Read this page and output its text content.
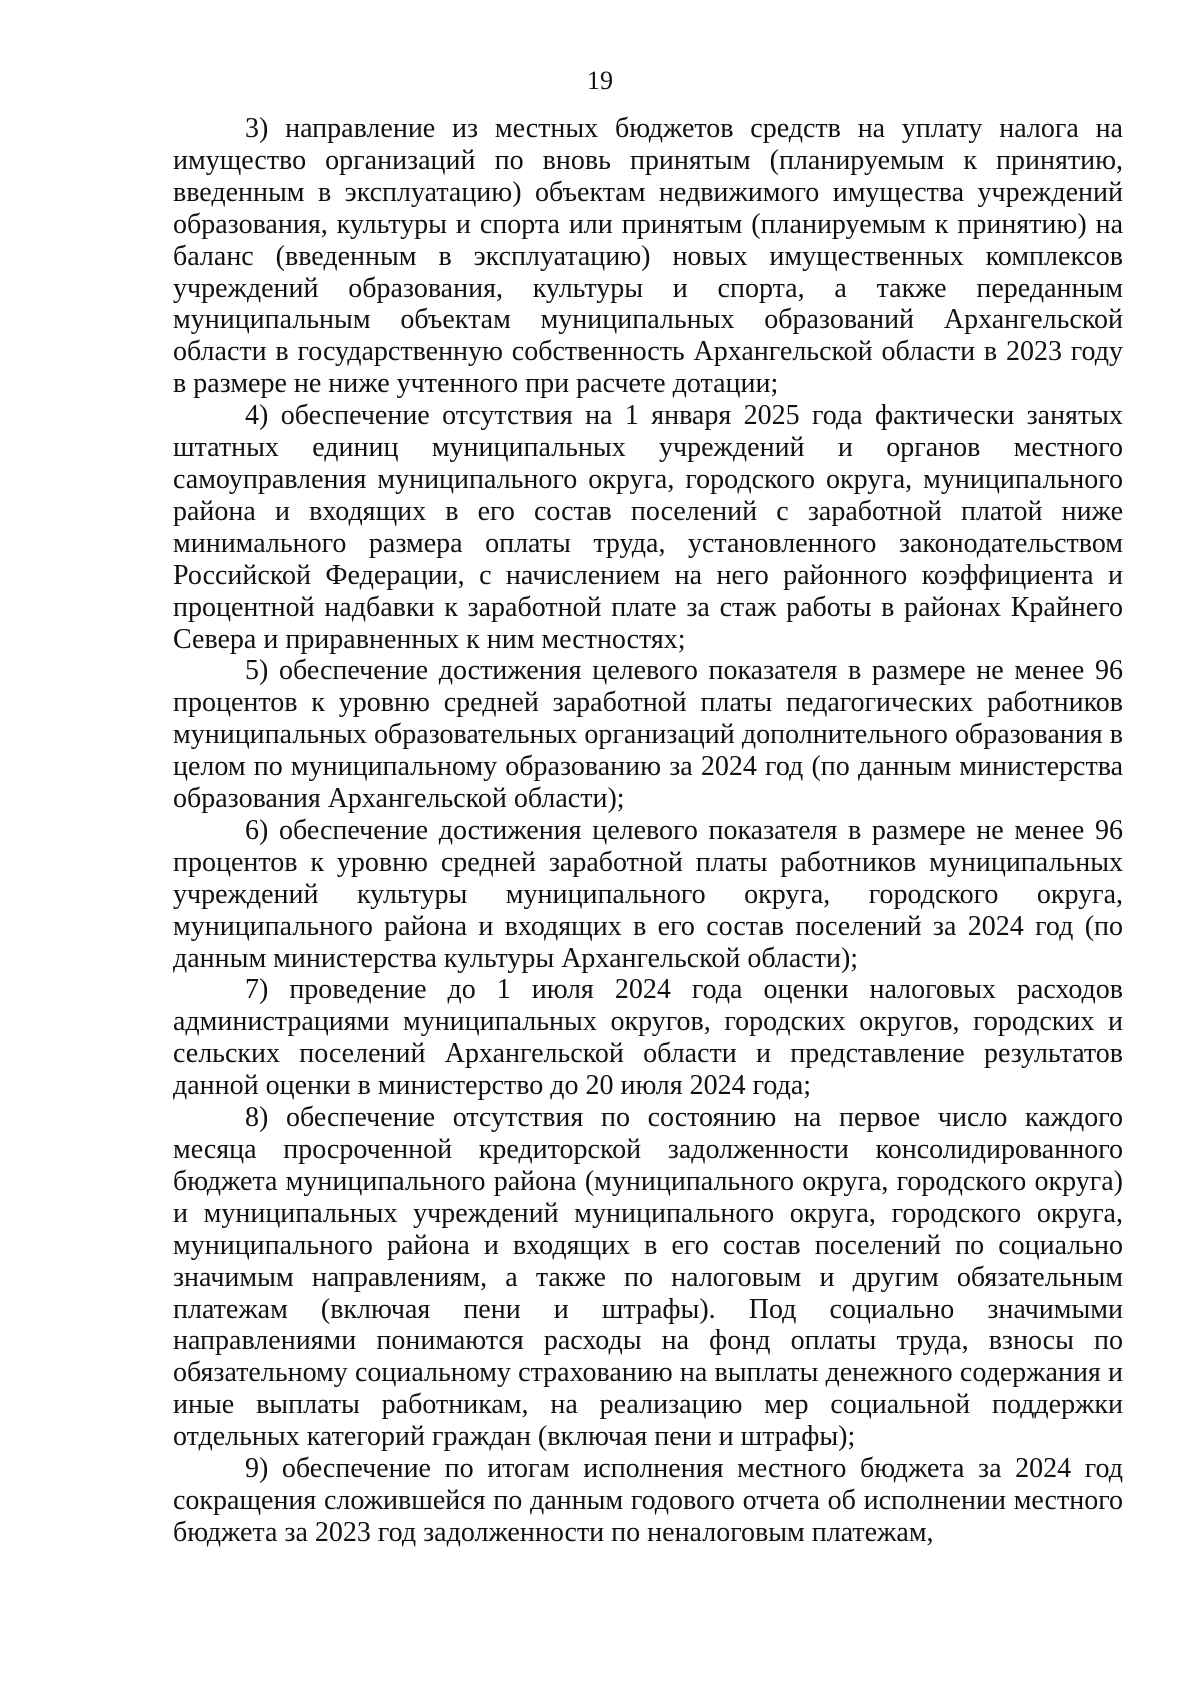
19

3) направление из местных бюджетов средств на уплату налога на имущество организаций по вновь принятым (планируемым к принятию, введенным в эксплуатацию) объектам недвижимого имущества учреждений образования, культуры и спорта или принятым (планируемым к принятию) на баланс (введенным в эксплуатацию) новых имущественных комплексов учреждений образования, культуры и спорта, а также переданным муниципальным объектам муниципальных образований Архангельской области в государственную собственность Архангельской области в 2023 году в размере не ниже учтенного при расчете дотации;

4) обеспечение отсутствия на 1 января 2025 года фактически занятых штатных единиц муниципальных учреждений и органов местного самоуправления муниципального округа, городского округа, муниципального района и входящих в его состав поселений с заработной платой ниже минимального размера оплаты труда, установленного законодательством Российской Федерации, с начислением на него районного коэффициента и процентной надбавки к заработной плате за стаж работы в районах Крайнего Севера и приравненных к ним местностях;

5) обеспечение достижения целевого показателя в размере не менее 96 процентов к уровню средней заработной платы педагогических работников муниципальных образовательных организаций дополнительного образования в целом по муниципальному образованию за 2024 год (по данным министерства образования Архангельской области);

6) обеспечение достижения целевого показателя в размере не менее 96 процентов к уровню средней заработной платы работников муниципальных учреждений культуры муниципального округа, городского округа, муниципального района и входящих в его состав поселений за 2024 год (по данным министерства культуры Архангельской области);

7) проведение до 1 июля 2024 года оценки налоговых расходов администрациями муниципальных округов, городских округов, городских и сельских поселений Архангельской области и представление результатов данной оценки в министерство до 20 июля 2024 года;

8) обеспечение отсутствия по состоянию на первое число каждого месяца просроченной кредиторской задолженности консолидированного бюджета муниципального района (муниципального округа, городского округа) и муниципальных учреждений муниципального округа, городского округа, муниципального района и входящих в его состав поселений по социально значимым направлениям, а также по налоговым и другим обязательным платежам (включая пени и штрафы). Под социально значимыми направлениями понимаются расходы на фонд оплаты труда, взносы по обязательному социальному страхованию на выплаты денежного содержания и иные выплаты работникам, на реализацию мер социальной поддержки отдельных категорий граждан (включая пени и штрафы);

9) обеспечение по итогам исполнения местного бюджета за 2024 год сокращения сложившейся по данным годового отчета об исполнении местного бюджета за 2023 год задолженности по неналоговым платежам,
